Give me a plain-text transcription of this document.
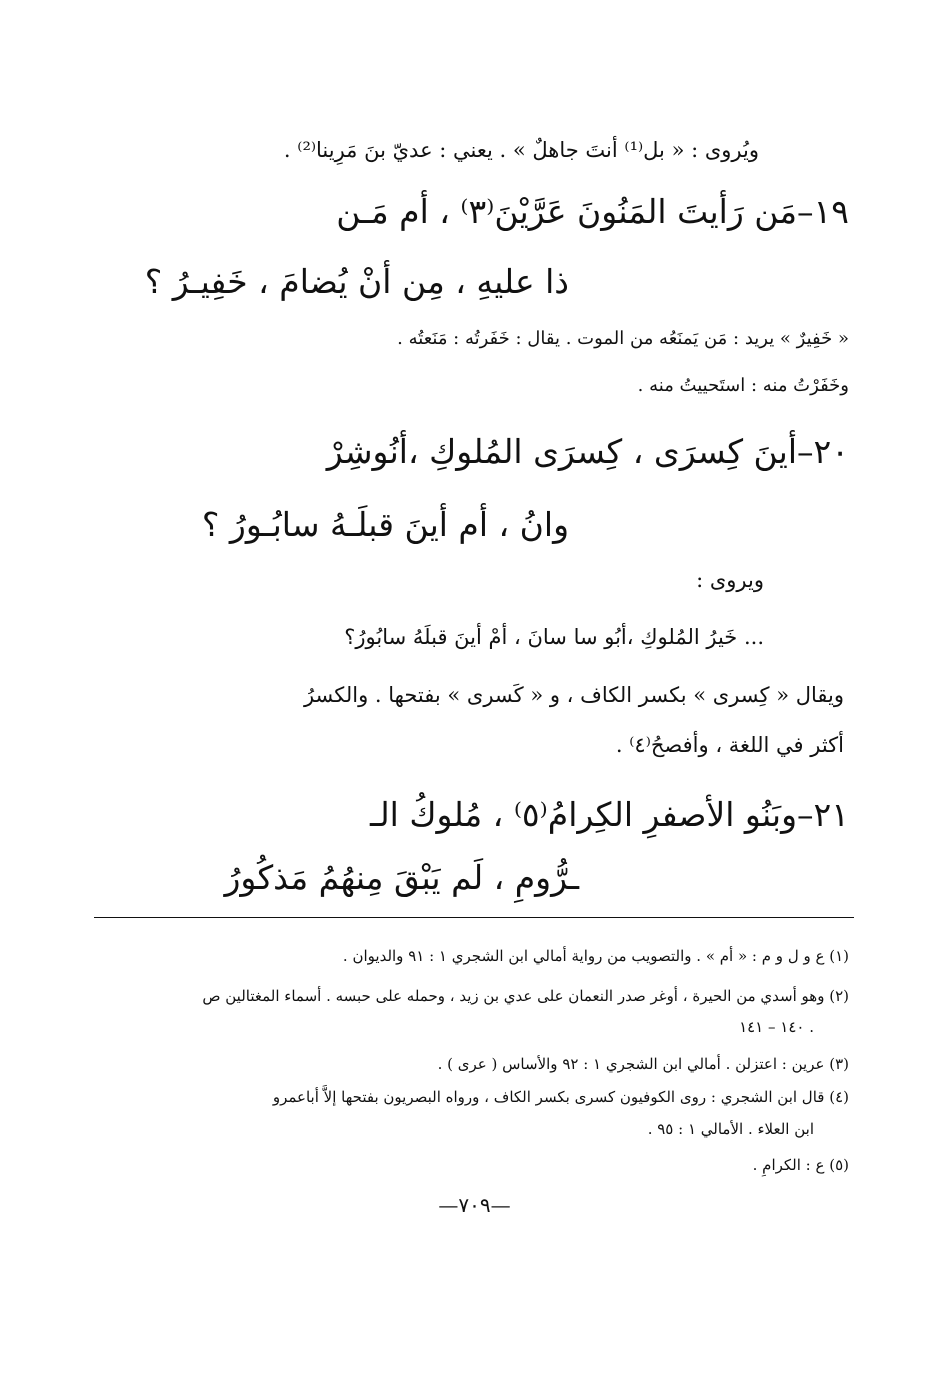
ويُروى : « بل⁽¹⁾ أنتَ جاهلٌ » . يعني : عديّ بنَ مَرِينا⁽²⁾ .
١٩–مَن رَأيتَ المَنُونَ عَرَّيْنَ⁽٣⁾ ، أم مَـن
ذا عليهِ ، مِن أنْ يُضامَ ، خَفِيـرُ ؟
« خَفِيرٌ » يريد : مَن يَمنَعُه من الموت . يقال : خَفَرتُه : مَنَعتُه .
وخَفَرْتُ منه : استَحييتُ منه .
٢٠–أينَ كِسرَى ، كِسرَى المُلوكِ ،أنُوشِرْ
وانُ ، أم أينَ قبلَـهُ سابُـورُ ؟
ويروى :
... خَيرُ المُلوكِ ،أبُو سا سانَ ، أمْ أينَ قبلَهُ سابُورُ؟
ويقال « كِسرى » بكسر الكاف ، و « كَسرى » بفتحها . والكسرُ
أكثر في اللغة ، وأفصحُ⁽٤⁾ .
٢١–وبَنُو الأصفرِ الكِرامُ⁽٥⁾ ، مُلوكُ الـ
ـرُّومِ ، لَم يَبْقَ مِنهُمُ مَذكُورُ
(١) ع و ل و م : « أم » . والتصويب من رواية أمالي ابن الشجري ١ : ٩١ والديوان .
(٢) وهو أسدي من الحيرة ، أوغر صدر النعمان على عدي بن زيد ، وحمله على حبسه . أسماء المغتالين ص
١٤٠ – ١٤١ .
(٣) عرين : اعتزلن . أمالي ابن الشجري ١ : ٩٢ والأساس ( عرى ) .
(٤) قال ابن الشجري : روى الكوفيون كسرى بكسر الكاف ، ورواه البصريون بفتحها إلاَّ أباعمرو
ابن العلاء . الأمالي ١ : ٩٥ .
(٥) ع : الكرامِ .
—٧٠٩—
